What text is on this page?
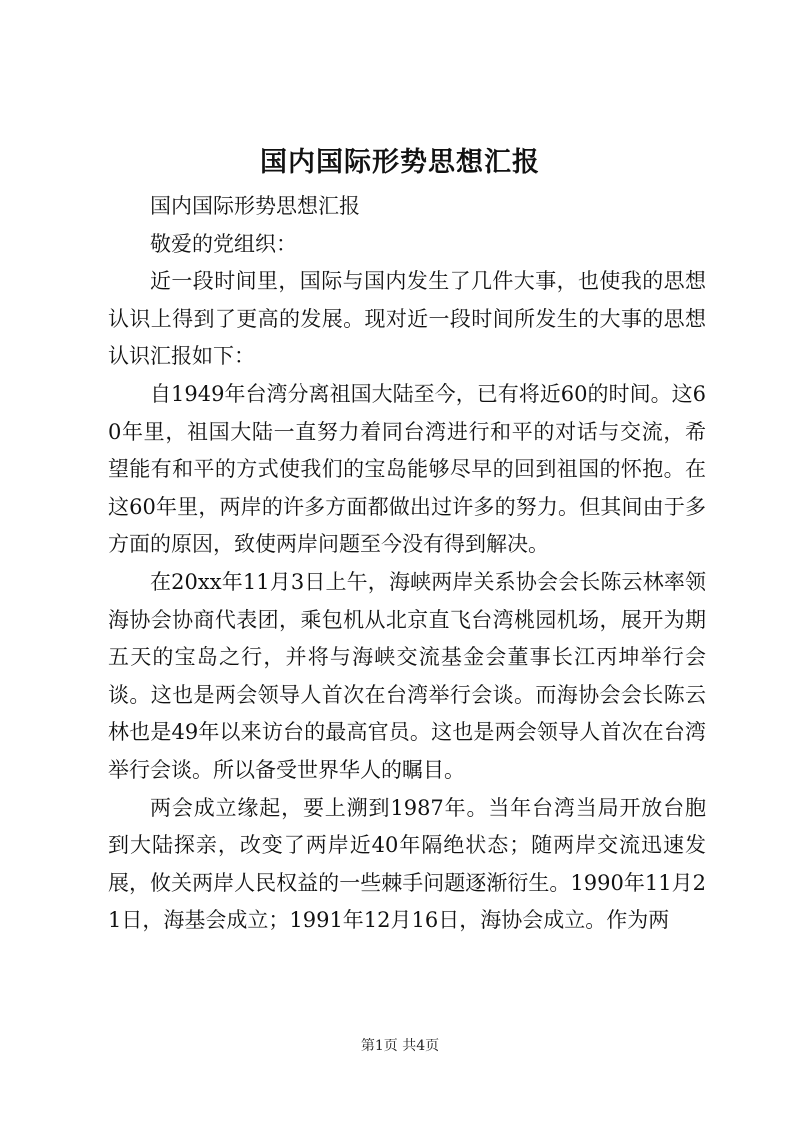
国内国际形势思想汇报

国内国际形势思想汇报

敬爱的党组织：

近一段时间里，国际与国内发生了几件大事，也使我的思想认识上得到了更高的发展。现对近一段时间所发生的大事的思想认识汇报如下：

自1949年台湾分离祖国大陆至今，已有将近60的时间。这60年里，祖国大陆一直努力着同台湾进行和平的对话与交流，希望能有和平的方式使我们的宝岛能够尽早的回到祖国的怀抱。在这60年里，两岸的许多方面都做出过许多的努力。但其间由于多方面的原因，致使两岸问题至今没有得到解决。

在20xx年11月3日上午，海峡两岸关系协会会长陈云林率领海协会协商代表团，乘包机从北京直飞台湾桃园机场，展开为期五天的宝岛之行，并将与海峡交流基金会董事长江丙坤举行会谈。这也是两会领导人首次在台湾举行会谈。而海协会会长陈云林也是49年以来访台的最高官员。这也是两会领导人首次在台湾举行会谈。所以备受世界华人的瞩目。

两会成立缘起，要上溯到1987年。当年台湾当局开放台胞到大陆探亲，改变了两岸近40年隔绝状态；随两岸交流迅速发展，攸关两岸人民权益的一些棘手问题逐渐衍生。1990年11月21日，海基会成立；1991年12月16日，海协会成立。作为两

第1页 共4页
